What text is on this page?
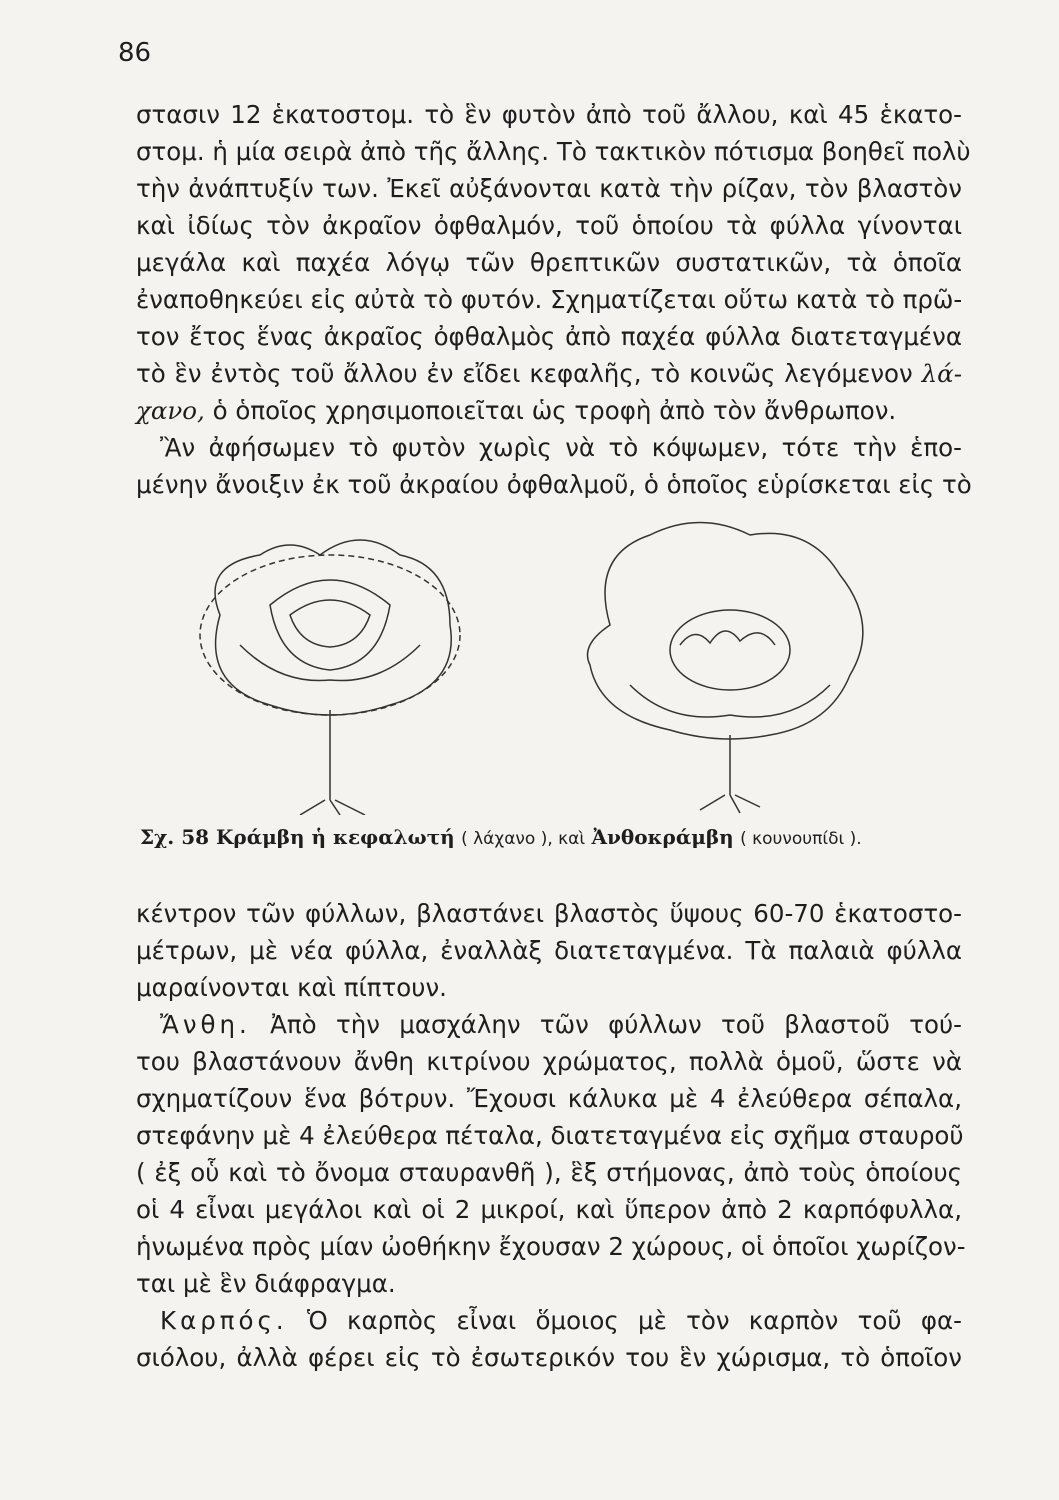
86
στασιν 12 ἑκατοστομ. τὸ ἓν φυτὸν ἀπὸ τοῦ ἄλλου, καὶ 45 ἑκατο-
στομ. ἡ μία σειρὰ ἀπὸ τῆς ἄλλης. Τὸ τακτικὸν πότισμα βοηθεῖ πολὺ
τὴν ἀνάπτυξίν των. Ἐκεῖ αὐξάνονται κατὰ τὴν ρίζαν, τὸν βλαστὸν
καὶ ἰδίως τὸν ἀκραῖον ὀφθαλμόν, τοῦ ὁποίου τὰ φύλλα γίνονται
μεγάλα καὶ παχέα λόγῳ τῶν θρεπτικῶν συστατικῶν, τὰ ὁποῖα
ἐναποθηκεύει εἰς αὐτὰ τὸ φυτόν. Σχηματίζεται οὕτω κατὰ τὸ πρῶ-
τον ἔτος ἕνας ἀκραῖος ὀφθαλμὸς ἀπὸ παχέα φύλλα διατεταγμένα
τὸ ἓν ἐντὸς τοῦ ἄλλου ἐν εἴδει κεφαλῆς, τὸ κοινῶς λεγόμενον λά-
χανο, ὁ ὁποῖος χρησιμοποιεῖται ὡς τροφὴ ἀπὸ τὸν ἄνθρωπον.
Ἂν ἀφήσωμεν τὸ φυτὸν χωρὶς νὰ τὸ κόψωμεν, τότε τὴν ἑπο-
μένην ἄνοιξιν ἐκ τοῦ ἀκραίου ὀφθαλμοῦ, ὁ ὁποῖος εὑρίσκεται εἰς τὸ
Σχ. 58 Κράμβη ἡ κεφαλωτή ( λάχανο ), καὶ Ἀνθοκράμβη ( κουνουπίδι ).
κέντρον τῶν φύλλων, βλαστάνει βλαστὸς ὕψους 60-70 ἑκατοστο-
μέτρων, μὲ νέα φύλλα, ἐναλλὰξ διατεταγμένα. Τὰ παλαιὰ φύλλα
μαραίνονται καὶ πίπτουν.
Ἄνθη. Ἀπὸ τὴν μασχάλην τῶν φύλλων τοῦ βλαστοῦ τού-
του βλαστάνουν ἄνθη κιτρίνου χρώματος, πολλὰ ὁμοῦ, ὥστε νὰ
σχηματίζουν ἕνα βότρυν. Ἔχουσι κάλυκα μὲ 4 ἐλεύθερα σέπαλα,
στεφάνην μὲ 4 ἐλεύθερα πέταλα, διατεταγμένα εἰς σχῆμα σταυροῦ
( ἐξ οὗ καὶ τὸ ὄνομα σταυρανθῆ ), ἓξ στήμονας, ἀπὸ τοὺς ὁποίους
οἱ 4 εἶναι μεγάλοι καὶ οἱ 2 μικροί, καὶ ὕπερον ἀπὸ 2 καρπόφυλλα,
ἡνωμένα πρὸς μίαν ὠοθήκην ἔχουσαν 2 χώρους, οἱ ὁποῖοι χωρίζον-
ται μὲ ἓν διάφραγμα.
Καρπός. Ὁ καρπὸς εἶναι ὅμοιος μὲ τὸν καρπὸν τοῦ φα-
σιόλου, ἀλλὰ φέρει εἰς τὸ ἐσωτερικόν του ἓν χώρισμα, τὸ ὁποῖον
